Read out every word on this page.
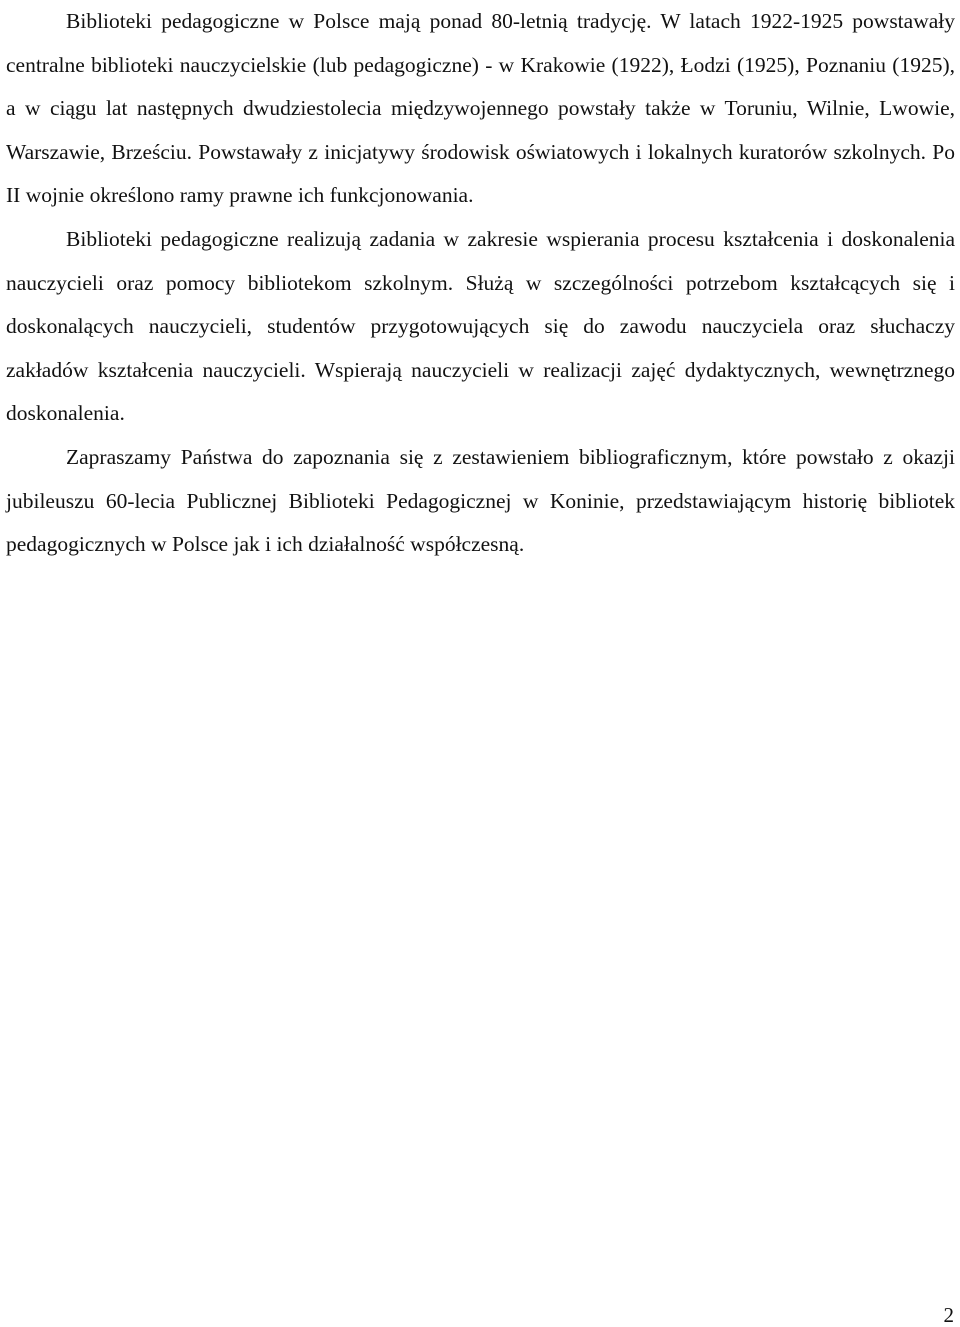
Biblioteki pedagogiczne w Polsce mają ponad 80-letnią tradycję. W latach 1922-1925 powstawały centralne biblioteki nauczycielskie (lub pedagogiczne) - w Krakowie (1922), Łodzi (1925), Poznaniu (1925), a w ciągu lat następnych dwudziestolecia międzywojennego powstały także w Toruniu, Wilnie, Lwowie, Warszawie, Brześciu. Powstawały z inicjatywy środowisk oświatowych i lokalnych kuratorów szkolnych. Po II wojnie określono ramy prawne ich funkcjonowania.

Biblioteki pedagogiczne realizują zadania w zakresie wspierania procesu kształcenia i doskonalenia nauczycieli oraz pomocy bibliotekom szkolnym. Służą w szczególności potrzebom kształcących się i doskonalących nauczycieli, studentów przygotowujących się do zawodu nauczyciela oraz słuchaczy zakładów kształcenia nauczycieli. Wspierają nauczycieli w realizacji zajęć dydaktycznych, wewnętrznego doskonalenia.

Zapraszamy Państwa do zapoznania się z zestawieniem bibliograficznym, które powstało z okazji jubileuszu 60-lecia Publicznej Biblioteki Pedagogicznej w Koninie, przedstawiającym historię bibliotek pedagogicznych w Polsce jak i ich działalność współczesną.

2
